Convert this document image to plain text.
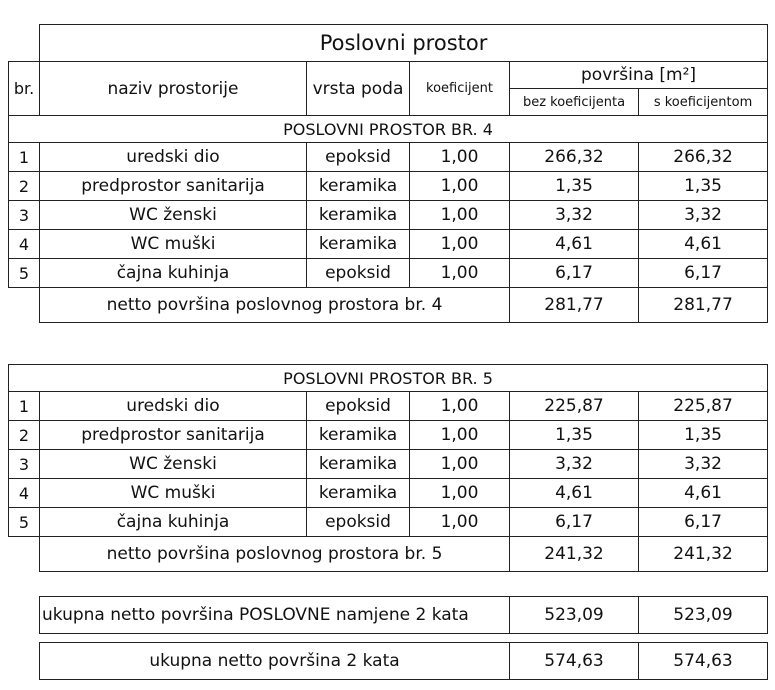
	Poslovni prostor				
br.	naziv prostorije	vrsta poda	koeficijent	površina [m²]	
				bez koeficijenta	s koeficijentom
POSLOVNI PROSTOR BR. 4					
1	uredski dio	epoksid	1,00	266,32	266,32
2	predprostor sanitarija	keramika	1,00	1,35	1,35
3	WC ženski	keramika	1,00	3,32	3,32
4	WC muški	keramika	1,00	4,61	4,61
5	čajna kuhinja	epoksid	1,00	6,17	6,17
	netto površina poslovnog prostora br. 4			281,77	281,77
POSLOVNI PROSTOR BR. 5					
1	uredski dio	epoksid	1,00	225,87	225,87
2	predprostor sanitarija	keramika	1,00	1,35	1,35
3	WC ženski	keramika	1,00	3,32	3,32
4	WC muški	keramika	1,00	4,61	4,61
5	čajna kuhinja	epoksid	1,00	6,17	6,17
	netto površina poslovnog prostora br. 5			241,32	241,32
ukupna netto površina POSLOVNE namjene 2 kata	523,09	523,09
ukupna netto površina 2 kata	574,63	574,63
